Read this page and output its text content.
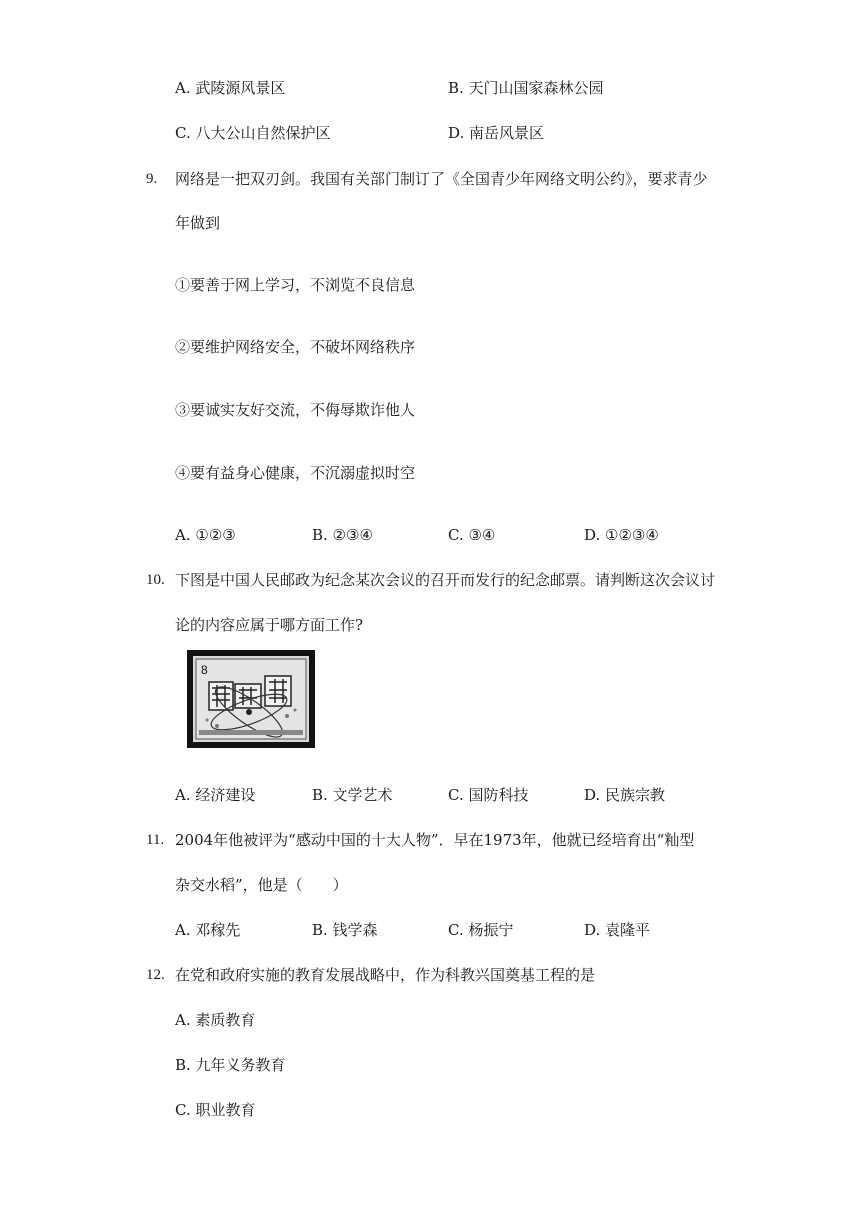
A. 武陵源风景区	B. 天门山国家森林公园
C. 八大公山自然保护区	D. 南岳风景区
9. 网络是一把双刃剑。我国有关部门制订了《全国青少年网络文明公约》，要求青少
年做到
①要善于网上学习，不浏览不良信息
②要维护网络安全，不破坏网络秩序
③要诚实友好交流，不侮辱欺诈他人
④要有益身心健康，不沉溺虚拟时空
A. ①②③	B. ②③④	C. ③④	D. ①②③④
10. 下图是中国人民邮政为纪念某次会议的召开而发行的纪念邮票。请判断这次会议讨
论的内容应属于哪方面工作?
8
A. 经济建设	B. 文学艺术	C. 国防科技	D. 民族宗教
11. 2004年他被评为“感动中国的十大人物”．早在1973年，他就已经培育出“籼型
杂交水稻”，他是（　　）
A. 邓稼先	B. 钱学森	C. 杨振宁	D. 袁隆平
12. 在党和政府实施的教育发展战略中，作为科教兴国奠基工程的是
A. 素质教育
B. 九年义务教育
C. 职业教育
